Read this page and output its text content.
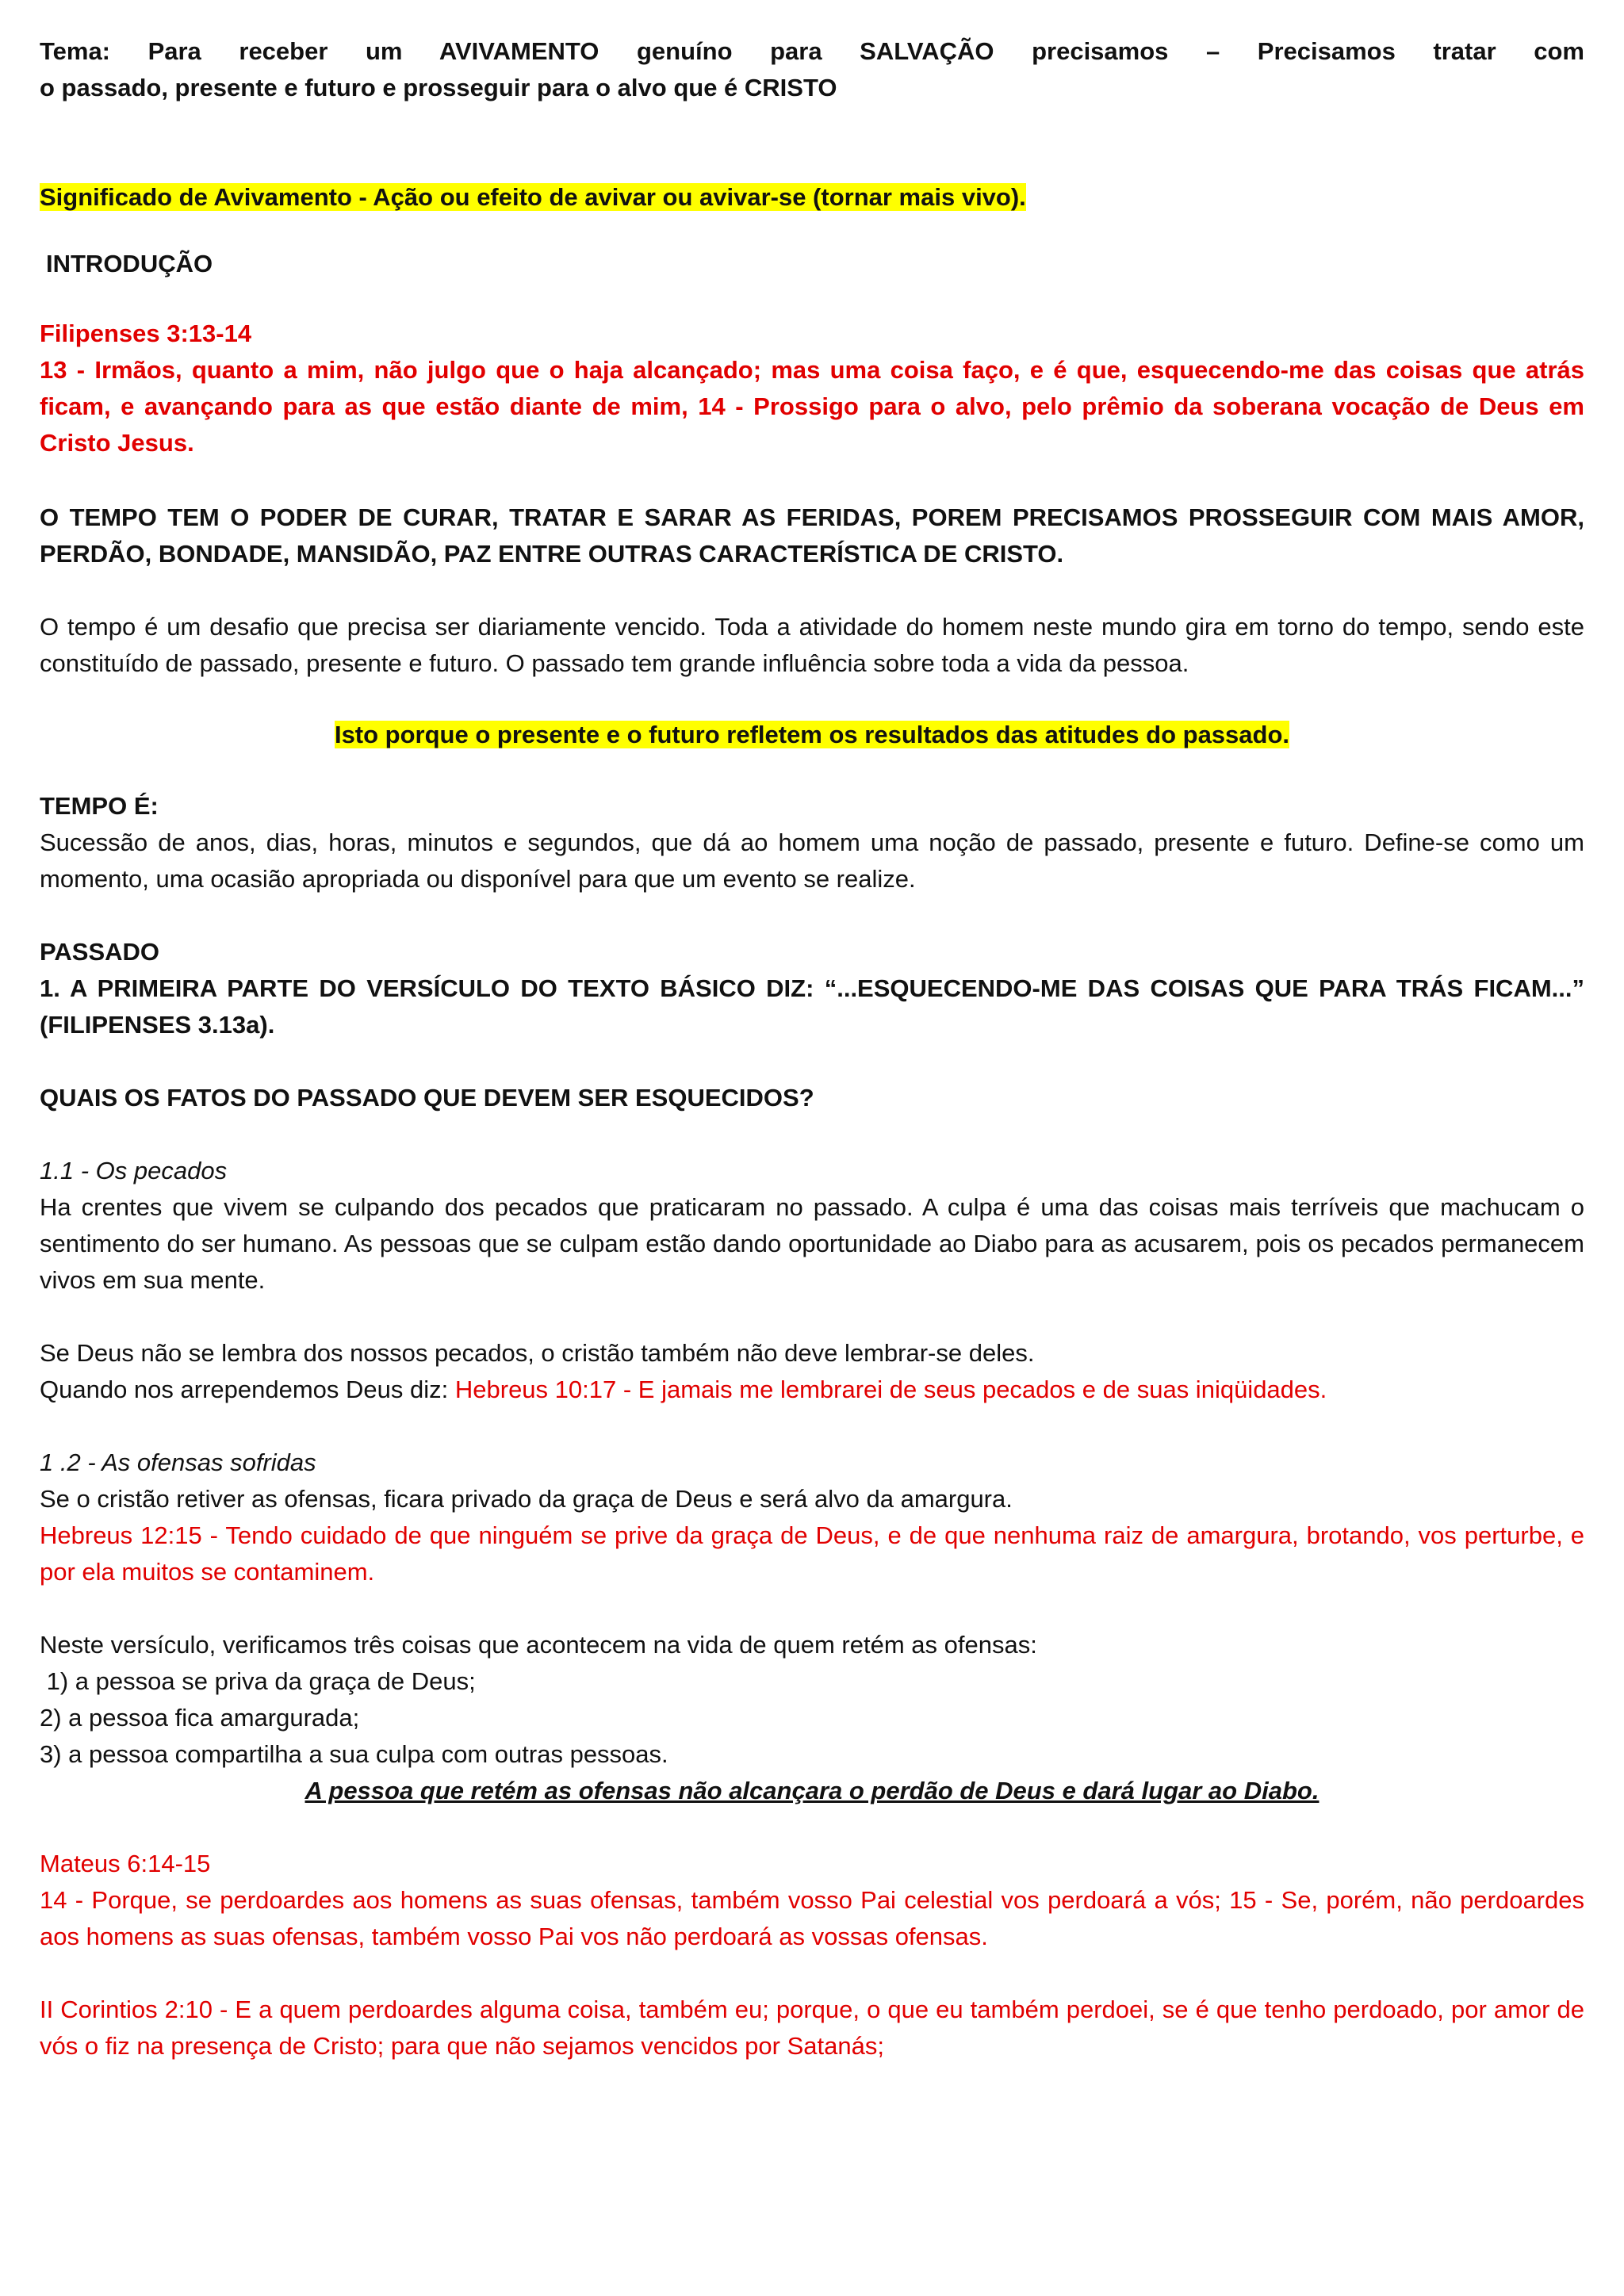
Tema: Para receber um AVIVAMENTO genuíno para SALVAÇÃO precisamos – Precisamos tratar com

o passado, presente e futuro e prosseguir para o alvo que é CRISTO

Significado de Avivamento - Ação ou efeito de avivar ou avivar-se (tornar mais vivo).

INTRODUÇÃO

Filipenses 3:13-14

13 - Irmãos, quanto a mim, não julgo que o haja alcançado; mas uma coisa faço, e é que, esquecendo-me das coisas que atrás ficam, e avançando para as que estão diante de mim, 14 - Prossigo para o alvo, pelo prêmio da soberana vocação de Deus em Cristo Jesus.

O TEMPO TEM O PODER DE CURAR, TRATAR E SARAR AS FERIDAS, POREM PRECISAMOS PROSSEGUIR COM MAIS AMOR, PERDÃO, BONDADE, MANSIDÃO, PAZ ENTRE OUTRAS CARACTERÍSTICA DE CRISTO.

O tempo é um desafio que precisa ser diariamente vencido. Toda a atividade do homem neste mundo gira em torno do tempo, sendo este constituído de passado, presente e futuro. O passado tem grande influência sobre toda a vida da pessoa.

Isto porque o presente e o futuro refletem os resultados das atitudes do passado.

TEMPO É:

Sucessão de anos, dias, horas, minutos e segundos, que dá ao homem uma noção de passado, presente e futuro. Define-se como um momento, uma ocasião apropriada ou disponível para que um evento se realize.

PASSADO

1. A PRIMEIRA PARTE DO VERSÍCULO DO TEXTO BÁSICO DIZ: “...ESQUECENDO-ME DAS COISAS QUE PARA TRÁS FICAM...” (FILIPENSES 3.13a).

QUAIS OS FATOS DO PASSADO QUE DEVEM SER ESQUECIDOS?

1.1 - Os pecados

Ha crentes que vivem se culpando dos pecados que praticaram no passado. A culpa é uma das coisas mais terríveis que machucam o sentimento do ser humano. As pessoas que se culpam estão dando oportunidade ao Diabo para as acusarem, pois os pecados permanecem vivos em sua mente.

Se Deus não se lembra dos nossos pecados, o cristão também não deve lembrar-se deles.

Quando nos arrependemos Deus diz: Hebreus 10:17 - E jamais me lembrarei de seus pecados e de suas iniqüidades.

1 .2 - As ofensas sofridas

Se o cristão retiver as ofensas, ficara privado da graça de Deus e será alvo da amargura.

Hebreus 12:15 - Tendo cuidado de que ninguém se prive da graça de Deus, e de que nenhuma raiz de amargura, brotando, vos perturbe, e por ela muitos se contaminem.

Neste versículo, verificamos três coisas que acontecem na vida de quem retém as ofensas:

1) a pessoa se priva da graça de Deus;

2) a pessoa fica amargurada;

3) a pessoa compartilha a sua culpa com outras pessoas.

A pessoa que retém as ofensas não alcançara o perdão de Deus e dará lugar ao Diabo.

Mateus 6:14-15

14 - Porque, se perdoardes aos homens as suas ofensas, também vosso Pai celestial vos perdoará a vós; 15 - Se, porém, não perdoardes aos homens as suas ofensas, também vosso Pai vos não perdoará as vossas ofensas.

II Corintios 2:10 - E a quem perdoardes alguma coisa, também eu; porque, o que eu também perdoei, se é que tenho perdoado, por amor de vós o fiz na presença de Cristo; para que não sejamos vencidos por Satanás;
